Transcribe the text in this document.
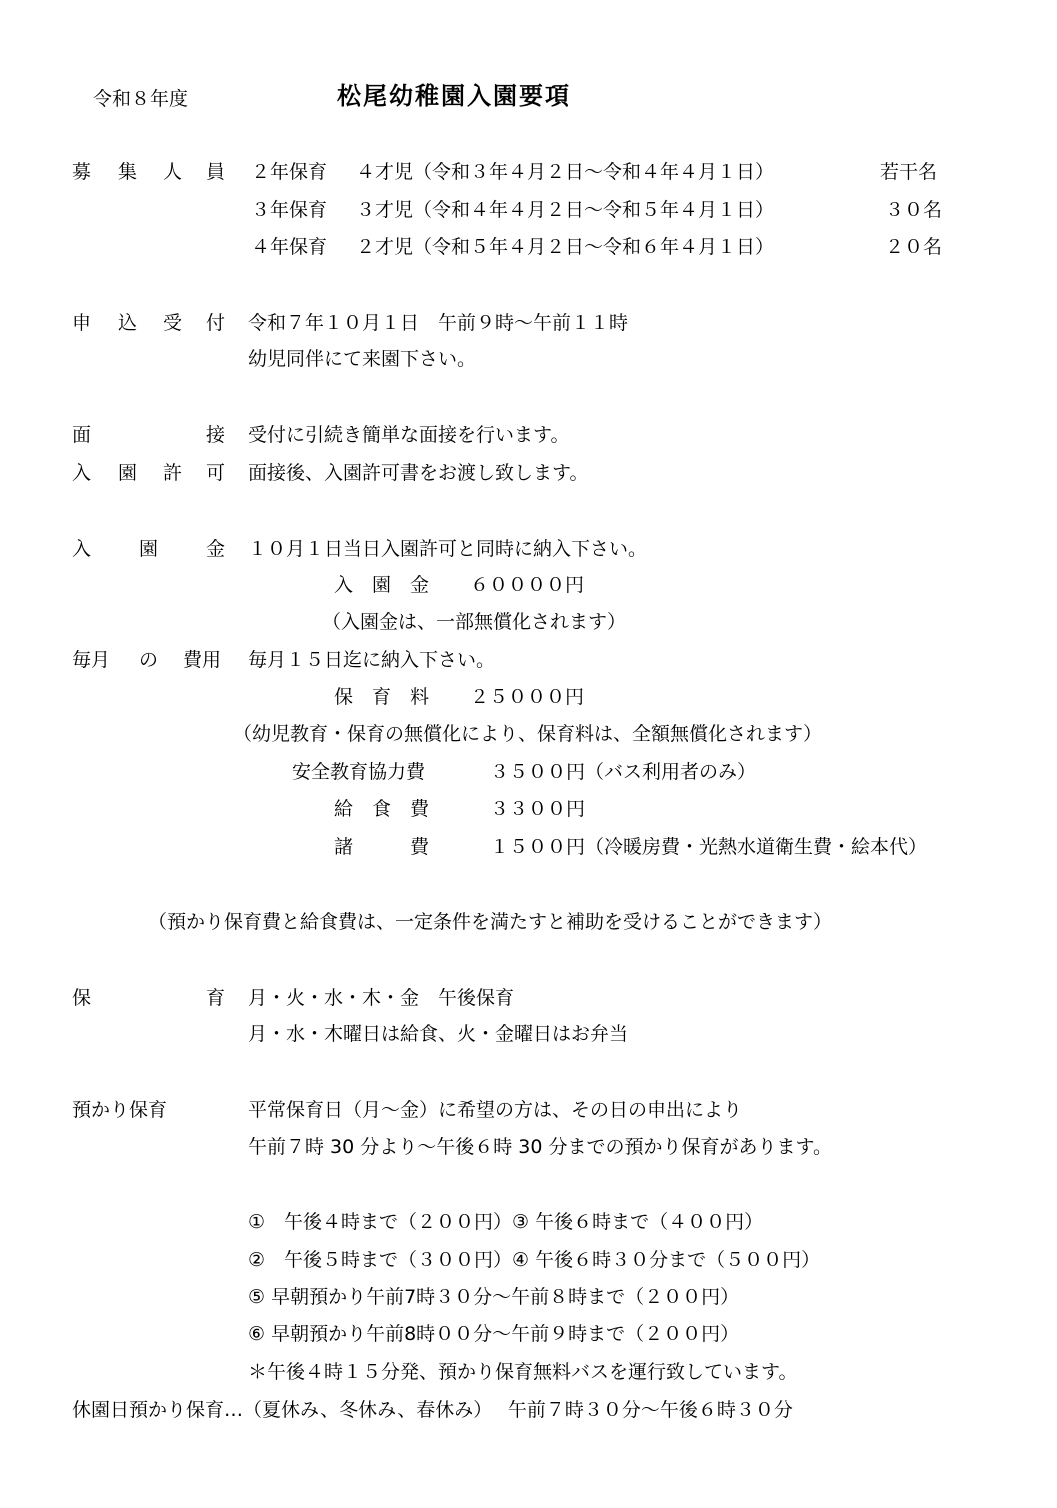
令和８年度	松尾幼稚園入園要項
募 集 人 員 ２年保育 ４才児（令和３年４月２日～令和４年４月１日）	若干名
３年保育 ３才児（令和４年４月２日～令和５年４月１日）	３０名
４年保育 ２才児（令和５年４月２日～令和６年４月１日）	２０名
申 込 受 付 令和７年１０月１日　午前９時～午前１１時
幼児同伴にて来園下さい。
面	接 受付に引続き簡単な面接を行います。
入 園 許 可 面接後、入園許可書をお渡し致します。
入	園	金 １０月１日当日入園許可と同時に納入下さい。
入　園　金 ６００００円
（入園金は、一部無償化されます）
毎月 の 費用 毎月１５日迄に納入下さい。
保　育　料 ２５０００円
（幼児教育・保育の無償化により、保育料は、全額無償化されます）
安全教育協力費	３５００円（バス利用者のみ）
給　食　費	３３００円
諸　　　費	１５００円（冷暖房費・光熱水道衛生費・絵本代）
（預かり保育費と給食費は、一定条件を満たすと補助を受けることができます）
保	育 月・火・水・木・金　午後保育
月・水・木曜日は給食、火・金曜日はお弁当
預かり保育	平常保育日（月～金）に希望の方は、その日の申出により
午前７時 30 分より～午後６時 30 分までの預かり保育があります。
①　午後４時まで（２００円）③ 午後６時まで（４００円）
②　午後５時まで（３００円）④ 午後６時３０分まで（５００円）
⑤ 早朝預かり午前7時３０分～午前８時まで（２００円）
⑥ 早朝預かり午前8時００分～午前９時まで（２００円）
＊午後４時１５分発、預かり保育無料バスを運行致しています。
休園日預かり保育…（夏休み、冬休み、春休み）　 午前７時３０分～午後６時３０分
